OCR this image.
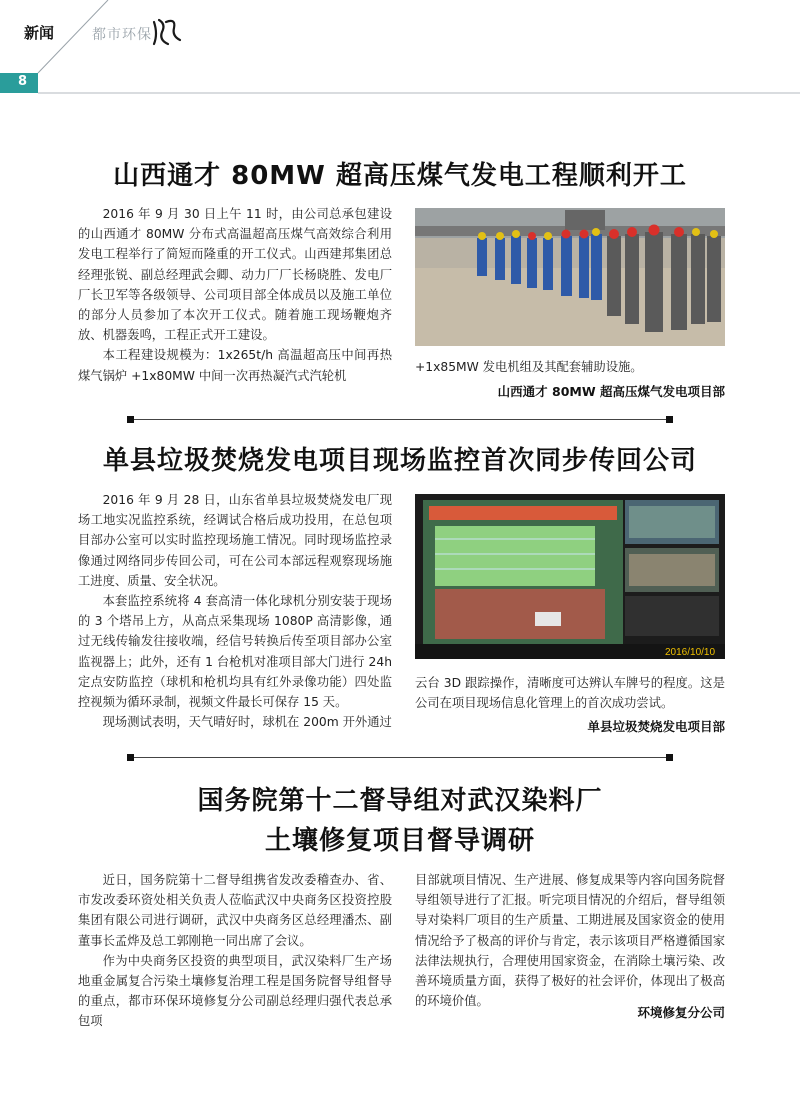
新闻	都市环保
8
山西通才 80MW 超高压煤气发电工程顺利开工

2016 年 9 月 30 日上午 11 时，由公司总承包建设的山西通才 80MW 分布式高温超高压煤气高效综合利用发电工程举行了简短而隆重的开工仪式。山西建邦集团总经理张锐、副总经理武会卿、动力厂厂长杨晓胜、发电厂厂长卫军等各级领导、公司项目部全体成员以及施工单位的部分人员参加了本次开工仪式。随着施工现场鞭炮齐放、机器轰鸣，工程正式开工建设。

本工程建设规模为：1x265t/h 高温超高压中间再热煤气锅炉 +1x80MW 中间一次再热凝汽式汽轮机

+1x85MW 发电机组及其配套辅助设施。

山西通才 80MW 超高压煤气发电项目部
单县垃圾焚烧发电项目现场监控首次同步传回公司

2016 年 9 月 28 日，山东省单县垃圾焚烧发电厂现场工地实况监控系统，经调试合格后成功投用，在总包项目部办公室可以实时监控现场施工情况。同时现场监控录像通过网络同步传回公司，可在公司本部远程观察现场施工进度、质量、安全状况。

本套监控系统将 4 套高清一体化球机分别安装于现场的 3 个塔吊上方，从高点采集现场 1080P 高清影像，通过无线传输发往接收端，经信号转换后传至项目部办公室监视器上；此外，还有 1 台枪机对准项目部大门进行 24h 定点安防监控（球机和枪机均具有红外录像功能）四处监控视频为循环录制，视频文件最长可保存 15 天。

现场测试表明，天气晴好时，球机在 200m 开外通过

2016/10/10

云台 3D 跟踪操作，清晰度可达辨认车牌号的程度。这是公司在项目现场信息化管理上的首次成功尝试。

单县垃圾焚烧发电项目部
国务院第十二督导组对武汉染料厂
土壤修复项目督导调研

近日，国务院第十二督导组携省发改委稽查办、省、市发改委环资处相关负责人莅临武汉中央商务区投资控股集团有限公司进行调研，武汉中央商务区总经理潘杰、副董事长孟烨及总工郭刚艳一同出席了会议。

作为中央商务区投资的典型项目，武汉染料厂生产场地重金属复合污染土壤修复治理工程是国务院督导组督导的重点，都市环保环境修复分公司副总经理归强代表总承包项

目部就项目情况、生产进展、修复成果等内容向国务院督导组领导进行了汇报。听完项目情况的介绍后，督导组领导对染料厂项目的生产质量、工期进展及国家资金的使用情况给予了极高的评价与肯定，表示该项目严格遵循国家法律法规执行，合理使用国家资金，在消除土壤污染、改善环境质量方面，获得了极好的社会评价，体现出了极高的环境价值。

环境修复分公司
